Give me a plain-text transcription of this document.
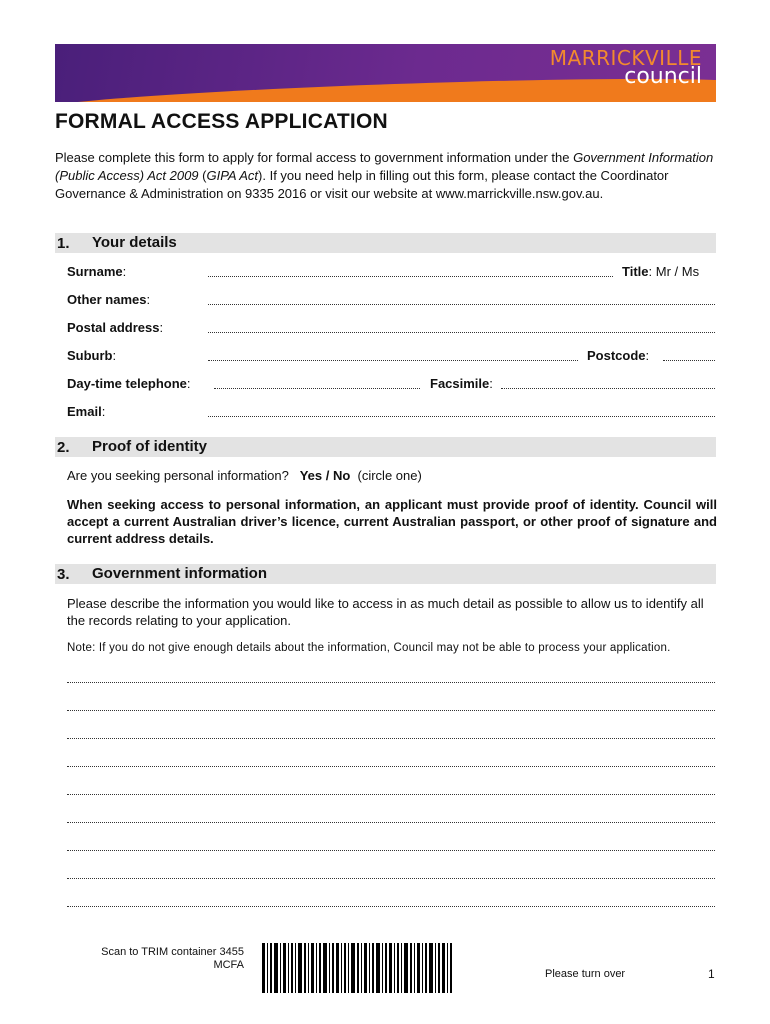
MARRICKVILLE
council
FORMAL ACCESS APPLICATION

Please complete this form to apply for formal access to government information under the Government Information (Public Access) Act 2009 (GIPA Act). If you need help in filling out this form, please contact the Coordinator Governance & Administration on 9335 2016 or visit our website at www.marrickville.nsw.gov.au.

1. Your details
Surname:	Title: Mr / Ms
Other names:
Postal address:
Suburb:	Postcode:
Day-time telephone:	Facsimile:
Email:
2. Proof of identity
Are you seeking personal information? Yes / No (circle one)

When seeking access to personal information, an applicant must provide proof of identity. Council will accept a current Australian driver’s licence, current Australian passport, or other proof of signature and current address details.

3. Government information

Please describe the information you would like to access in as much detail as possible to allow us to identify all the records relating to your application.

Note: If you do not give enough details about the information, Council may not be able to process your application.

Scan to TRIM container 3455
MCFA
Please turn over	1
